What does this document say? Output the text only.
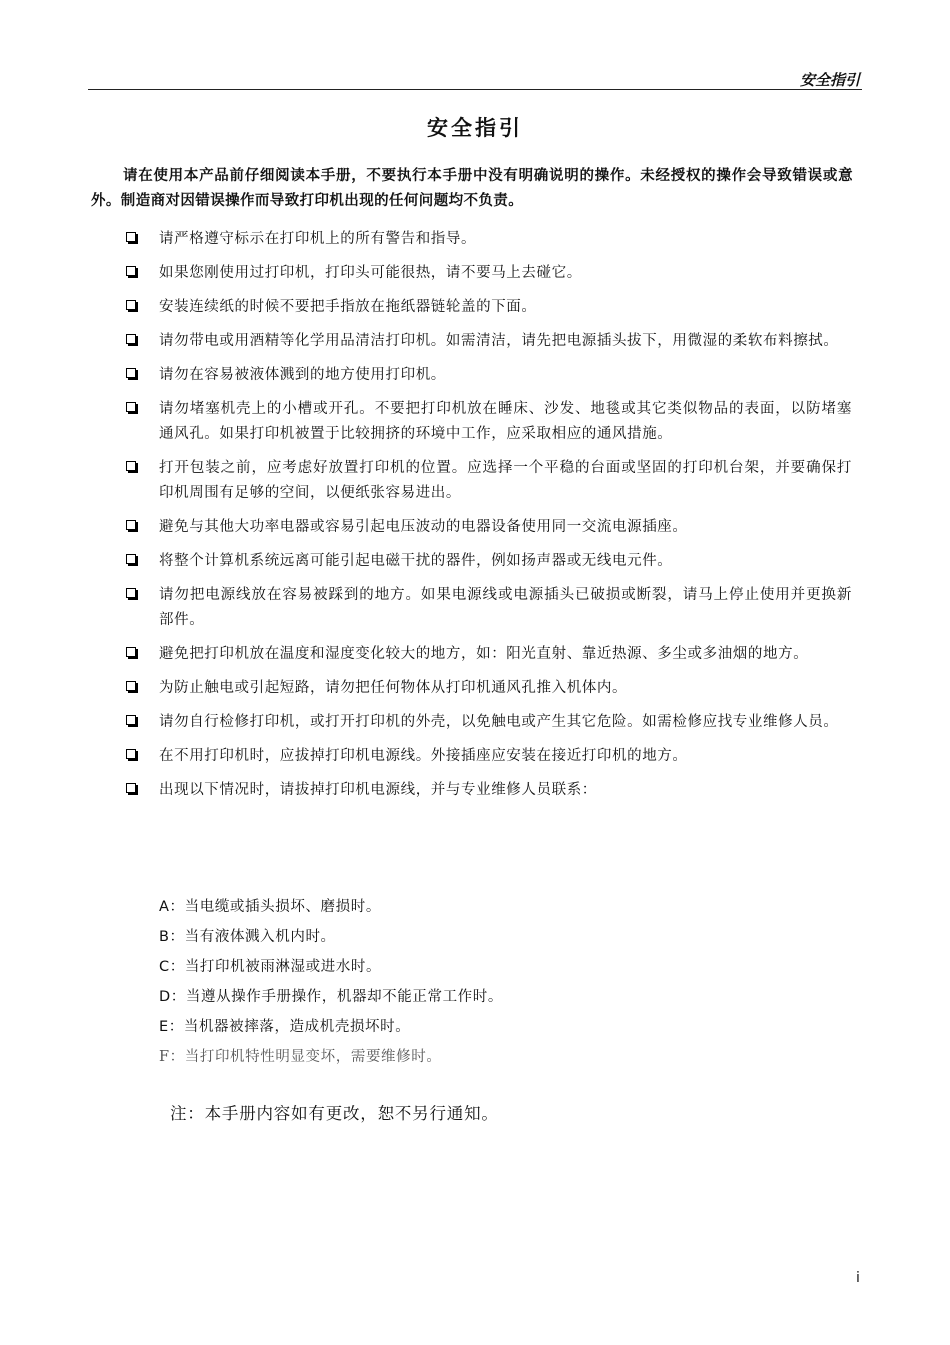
安全指引
安全指引
请在使用本产品前仔细阅读本手册，不要执行本手册中没有明确说明的操作。未经授权的操作会导致错误或意外。制造商对因错误操作而导致打印机出现的任何问题均不负责。
请严格遵守标示在打印机上的所有警告和指导。
如果您刚使用过打印机，打印头可能很热，请不要马上去碰它。
安装连续纸的时候不要把手指放在拖纸器链轮盖的下面。
请勿带电或用酒精等化学用品清洁打印机。如需清洁，请先把电源插头拔下，用微湿的柔软布料擦拭。
请勿在容易被液体溅到的地方使用打印机。
请勿堵塞机壳上的小槽或开孔。不要把打印机放在睡床、沙发、地毯或其它类似物品的表面，以防堵塞通风孔。如果打印机被置于比较拥挤的环境中工作，应采取相应的通风措施。
打开包装之前，应考虑好放置打印机的位置。应选择一个平稳的台面或坚固的打印机台架，并要确保打印机周围有足够的空间，以便纸张容易进出。
避免与其他大功率电器或容易引起电压波动的电器设备使用同一交流电源插座。
将整个计算机系统远离可能引起电磁干扰的器件，例如扬声器或无线电元件。
请勿把电源线放在容易被踩到的地方。如果电源线或电源插头已破损或断裂，请马上停止使用并更换新部件。
避免把打印机放在温度和湿度变化较大的地方，如：阳光直射、靠近热源、多尘或多油烟的地方。
为防止触电或引起短路，请勿把任何物体从打印机通风孔推入机体内。
请勿自行检修打印机，或打开打印机的外壳，以免触电或产生其它危险。如需检修应找专业维修人员。
在不用打印机时，应拔掉打印机电源线。外接插座应安装在接近打印机的地方。
出现以下情况时，请拔掉打印机电源线，并与专业维修人员联系：
A：当电缆或插头损坏、磨损时。
B：当有液体溅入机内时。
C：当打印机被雨淋湿或进水时。
D：当遵从操作手册操作，机器却不能正常工作时。
E：当机器被摔落，造成机壳损坏时。
F：当打印机特性明显变坏，需要维修时。
注：本手册内容如有更改，恕不另行通知。
i
